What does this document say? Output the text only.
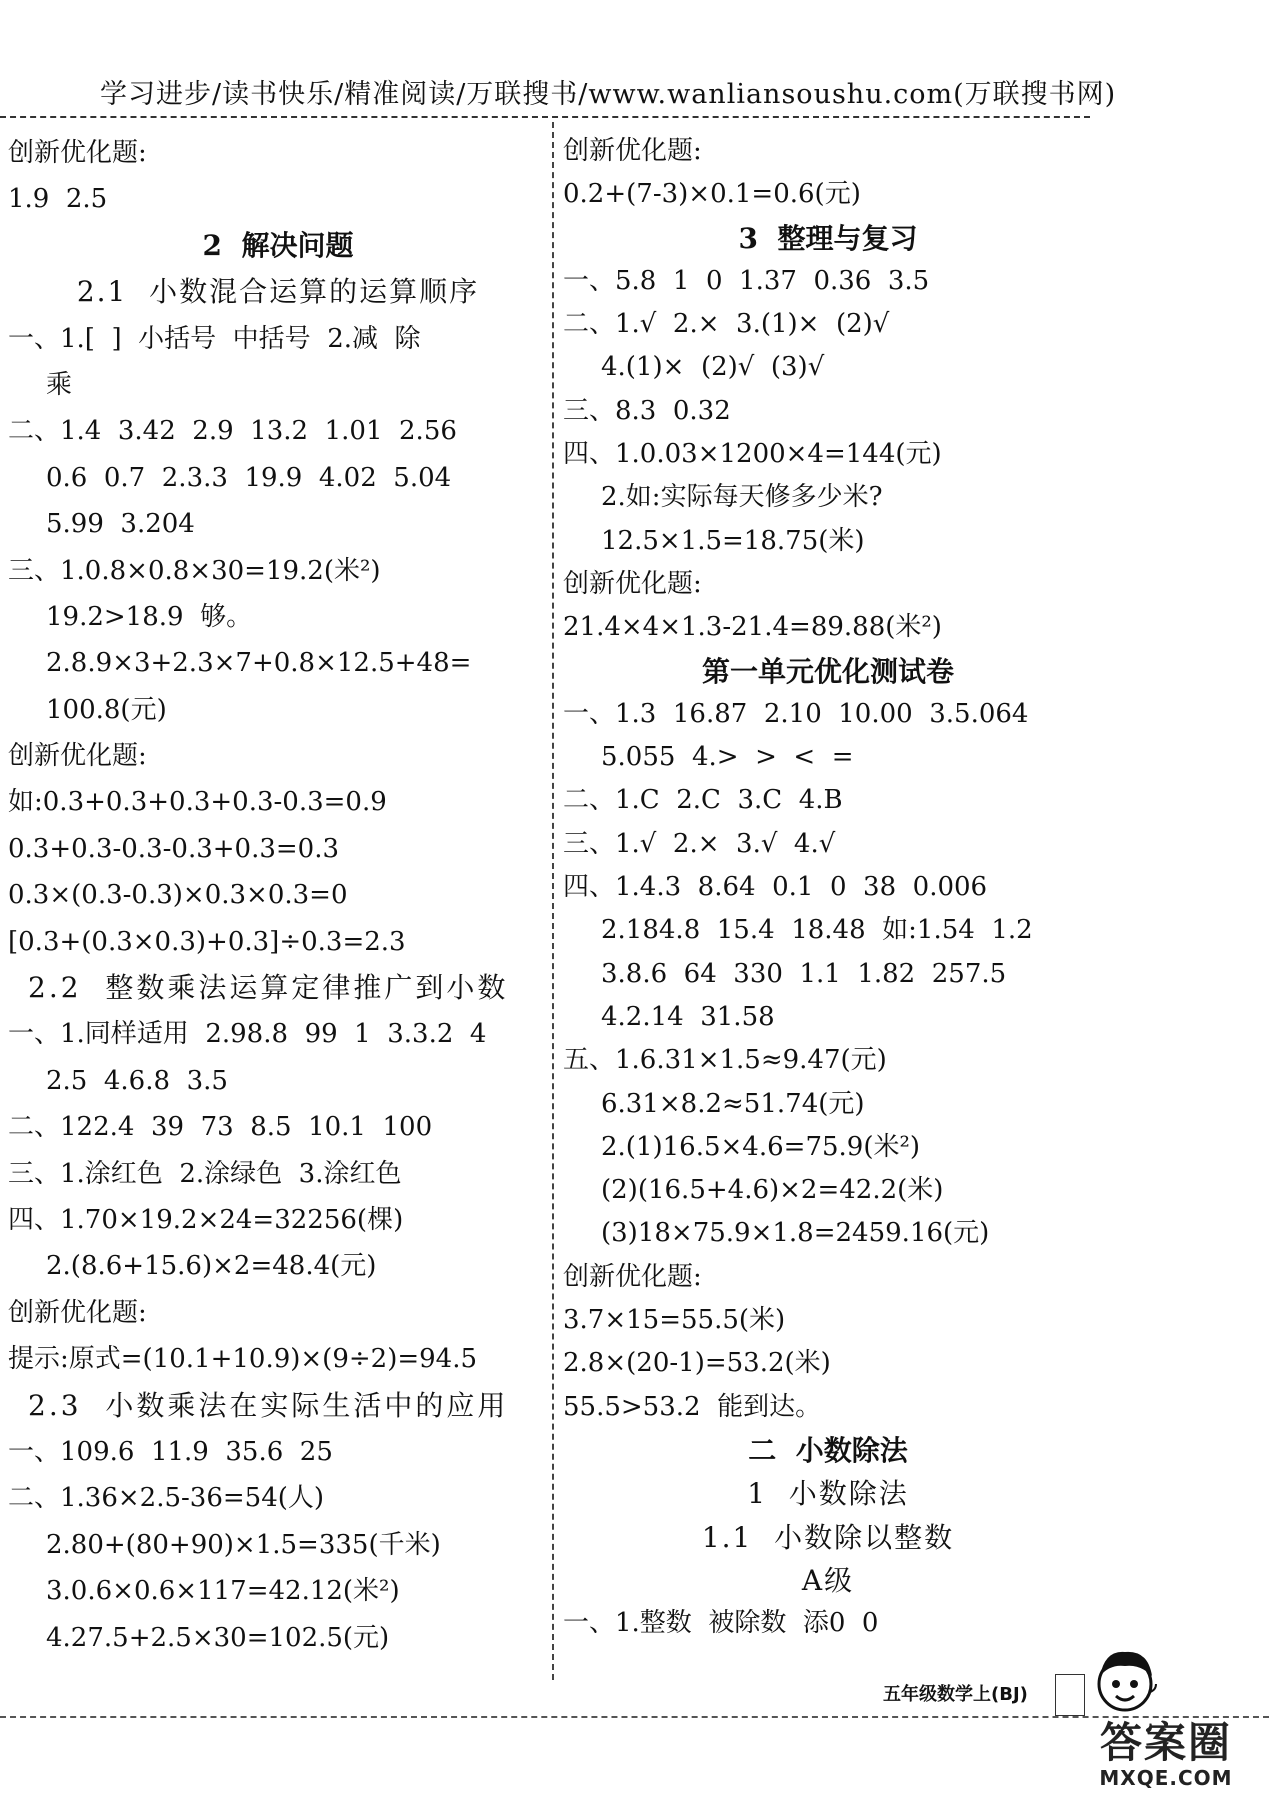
学习进步/读书快乐/精准阅读/万联搜书/www.wanliansoushu.com(万联搜书网)
创新优化题:
1.9  2.5
2  解决问题
2.1  小数混合运算的运算顺序
一、1.[  ]  小括号  中括号  2.减  除
乘
二、1.4  3.42  2.9  13.2  1.01  2.56
0.6  0.7  2.3.3  19.9  4.02  5.04
5.99  3.204
三、1.0.8×0.8×30=19.2(米²)
19.2>18.9  够。
2.8.9×3+2.3×7+0.8×12.5+48=
100.8(元)
创新优化题:
如:0.3+0.3+0.3+0.3-0.3=0.9
0.3+0.3-0.3-0.3+0.3=0.3
0.3×(0.3-0.3)×0.3×0.3=0
[0.3+(0.3×0.3)+0.3]÷0.3=2.3
2.2  整数乘法运算定律推广到小数
一、1.同样适用  2.98.8  99  1  3.3.2  4
2.5  4.6.8  3.5
二、122.4  39  73  8.5  10.1  100
三、1.涂红色  2.涂绿色  3.涂红色
四、1.70×19.2×24=32256(棵)
2.(8.6+15.6)×2=48.4(元)
创新优化题:
提示:原式=(10.1+10.9)×(9÷2)=94.5
2.3  小数乘法在实际生活中的应用
一、109.6  11.9  35.6  25
二、1.36×2.5-36=54(人)
2.80+(80+90)×1.5=335(千米)
3.0.6×0.6×117=42.12(米²)
4.27.5+2.5×30=102.5(元)
创新优化题:
0.2+(7-3)×0.1=0.6(元)
3  整理与复习
一、5.8  1  0  1.37  0.36  3.5
二、1.√  2.×  3.(1)×  (2)√
4.(1)×  (2)√  (3)√
三、8.3  0.32
四、1.0.03×1200×4=144(元)
2.如:实际每天修多少米?
12.5×1.5=18.75(米)
创新优化题:
21.4×4×1.3-21.4=89.88(米²)
第一单元优化测试卷
一、1.3  16.87  2.10  10.00  3.5.064
5.055  4.>  >  <  =
二、1.C  2.C  3.C  4.B
三、1.√  2.×  3.√  4.√
四、1.4.3  8.64  0.1  0  38  0.006
2.184.8  15.4  18.48  如:1.54  1.2
3.8.6  64  330  1.1  1.82  257.5
4.2.14  31.58
五、1.6.31×1.5≈9.47(元)
6.31×8.2≈51.74(元)
2.(1)16.5×4.6=75.9(米²)
(2)(16.5+4.6)×2=42.2(米)
(3)18×75.9×1.8=2459.16(元)
创新优化题:
3.7×15=55.5(米)
2.8×(20-1)=53.2(米)
55.5>53.2  能到达。
二  小数除法
1  小数除法
1.1  小数除以整数
A级
一、1.整数  被除数  添0  0
五年级数学上(BJ)
答案圈
MXQE.COM
